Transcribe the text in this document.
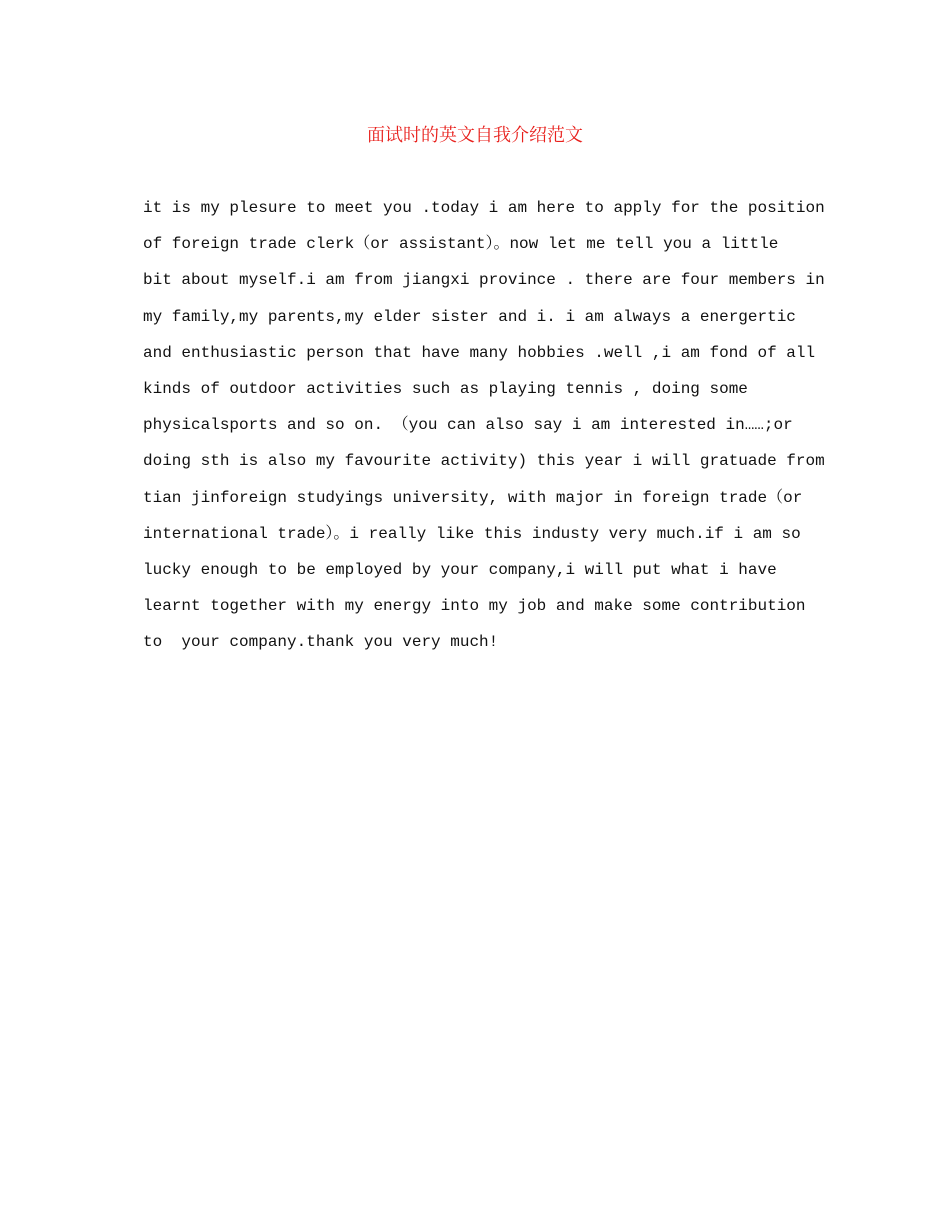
面试时的英文自我介绍范文
it is my plesure to meet you .today i am here to apply for the position
of foreign trade clerk（or assistant）。now let me tell you a little
bit about myself.i am from jiangxi province . there are four members in
my family,my parents,my elder sister and i. i am always a energertic
and enthusiastic person that have many hobbies .well ,i am fond of all
kinds of outdoor activities such as playing tennis , doing some
physicalsports and so on. （you can also say i am interested in……;or
doing sth is also my favourite activity) this year i will gratuade from
tian jinforeign studyings university, with major in foreign trade（or
international trade）。i really like this industy very much.if i am so
lucky enough to be employed by your company,i will put what i have
learnt together with my energy into my job and make some contribution
to  your company.thank you very much!
